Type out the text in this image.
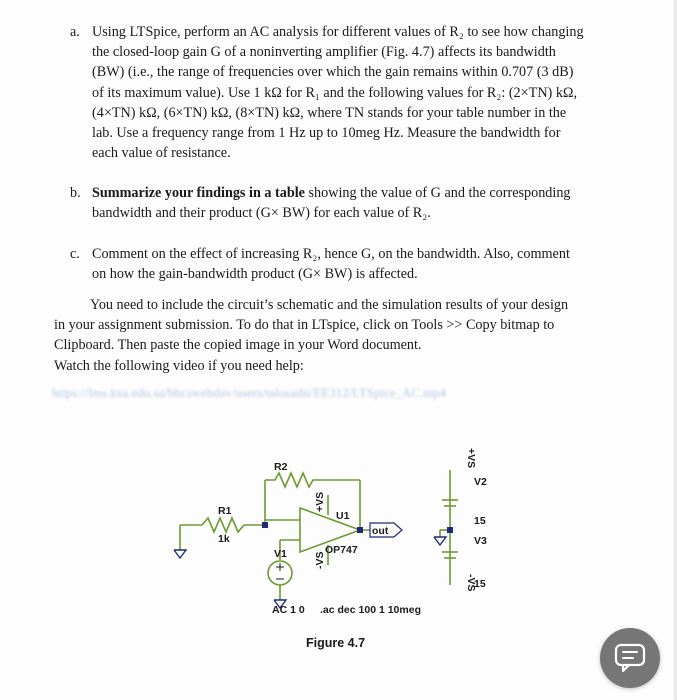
a. Using LTSpice, perform an AC analysis for different values of R₂ to see how changing
the closed-loop gain G of a noninverting amplifier (Fig. 4.7) affects its bandwidth
(BW) (i.e., the range of frequencies over which the gain remains within 0.707 (3 dB)
of its maximum value). Use 1 kΩ for R₁ and the following values for R₂: (2×TN) kΩ,
(4×TN) kΩ, (6×TN) kΩ, (8×TN) kΩ, where TN stands for your table number in the
lab. Use a frequency range from 1 Hz up to 10meg Hz. Measure the bandwidth for
each value of resistance.
b. Summarize your findings in a table showing the value of G and the corresponding
bandwidth and their product (G× BW) for each value of R₂.
c. Comment on the effect of increasing R₂, hence G, on the bandwidth. Also, comment
on how the gain-bandwidth product (G× BW) is affected.
You need to include the circuit’s schematic and the simulation results of your design
in your assignment submission. To do that in LTspice, click on Tools >> Copy bitmap to
Clipboard. Then paste the copied image in your Word document.
Watch the following video if you need help:
https://lms.ksu.edu.sa/bbcswebdav/users/talosaibi/EE312/LTSpice_AC.mp4
out
R2
R1
1k
U1
OP747
V1
+VS
-VS
AC 1 0 .ac dec 100 1 10meg
V2
15
V3
15
+VS
-VS
Figure 4.7
